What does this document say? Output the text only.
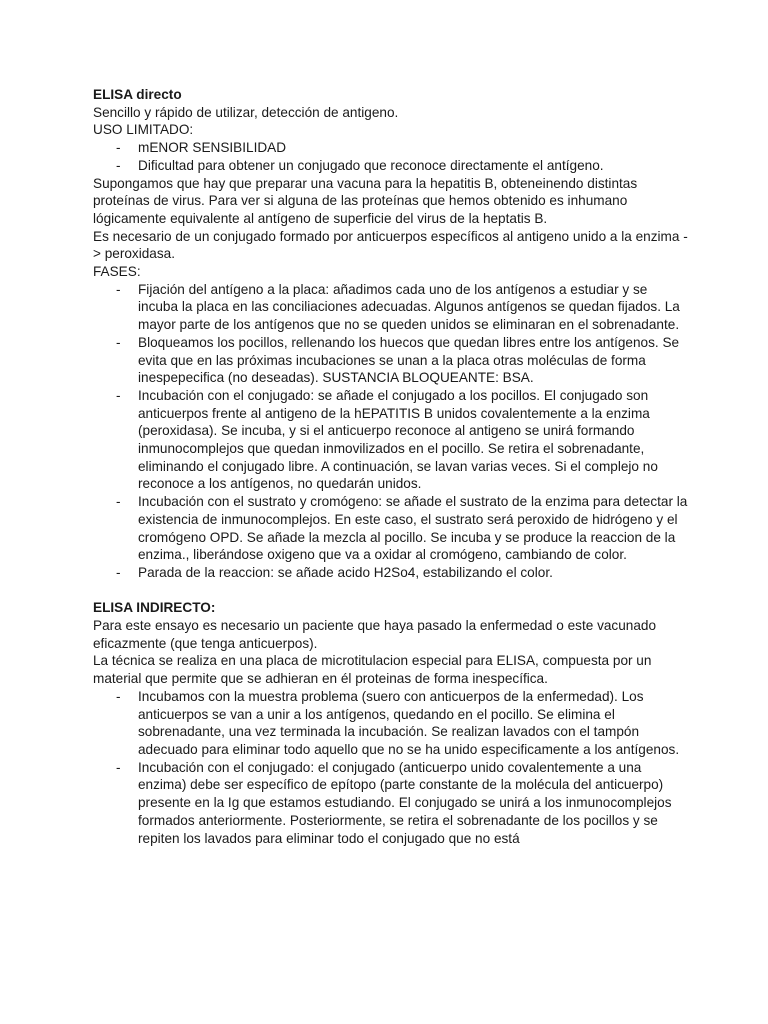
ELISA directo

Sencillo y rápido de utilizar, detección de antigeno.

USO LIMITADO:

- mENOR SENSIBILIDAD
- Dificultad para obtener un conjugado que reconoce directamente el antígeno.

Supongamos que hay que preparar una vacuna para la hepatitis B, obteneinendo distintas proteínas de virus. Para ver si alguna de las proteínas que hemos obtenido es inhumano lógicamente equivalente al antígeno de superficie del virus de la heptatis B.

Es necesario de un conjugado formado por anticuerpos específicos al antigeno unido a la enzima -> peroxidasa.

FASES:

- Fijación del antígeno a la placa: añadimos cada uno de los antígenos a estudiar y se incuba la placa en las conciliaciones adecuadas. Algunos antígenos se quedan fijados. La mayor parte de los antígenos que no se queden unidos se eliminaran en el sobrenadante.
- Bloqueamos los pocillos, rellenando los huecos que quedan libres entre los antígenos. Se evita que en las próximas incubaciones se unan a la placa otras moléculas de forma inespepecifica (no deseadas). SUSTANCIA BLOQUEANTE: BSA.
- Incubación con el conjugado: se añade el conjugado a los pocillos. El conjugado son anticuerpos frente al antigeno de la hEPATITIS B unidos covalentemente a la enzima (peroxidasa). Se incuba, y si el anticuerpo reconoce al antigeno se unirá formando inmunocomplejos que quedan inmovilizados en el pocillo. Se retira el sobrenadante, eliminando el conjugado libre. A continuación, se lavan varias veces. Si el complejo no reconoce a los antígenos, no quedarán unidos.
- Incubación con el sustrato y cromógeno: se añade el sustrato de la enzima para detectar la existencia de inmunocomplejos. En este caso, el sustrato será peroxido de hidrógeno y el cromógeno OPD. Se añade la mezcla al pocillo. Se incuba y se produce la reaccion de la enzima., liberándose oxigeno que va a oxidar al cromógeno, cambiando de color.
- Parada de la reaccion: se añade acido H2So4, estabilizando el color.

ELISA INDIRECTO:

Para este ensayo es necesario un paciente que haya pasado la enfermedad o este vacunado eficazmente (que tenga anticuerpos).

La técnica se realiza en una placa de microtitulacion especial para ELISA, compuesta por un material que permite que se adhieran en él proteinas de forma inespecífica.

- Incubamos con la muestra problema (suero con anticuerpos de la enfermedad). Los anticuerpos se van a unir a los antígenos, quedando en el pocillo. Se elimina el sobrenadante, una vez terminada la incubación. Se realizan lavados con el tampón adecuado para eliminar todo aquello que no se ha unido especificamente a los antígenos.
- Incubación con el conjugado: el conjugado (anticuerpo unido covalentemente a una enzima) debe ser específico de epítopo (parte constante de la molécula del anticuerpo) presente en la Ig que estamos estudiando. El conjugado se unirá a los inmunocomplejos formados anteriormente. Posteriormente, se retira el sobrenadante de los pocillos y se repiten los lavados para eliminar todo el conjugado que no está
